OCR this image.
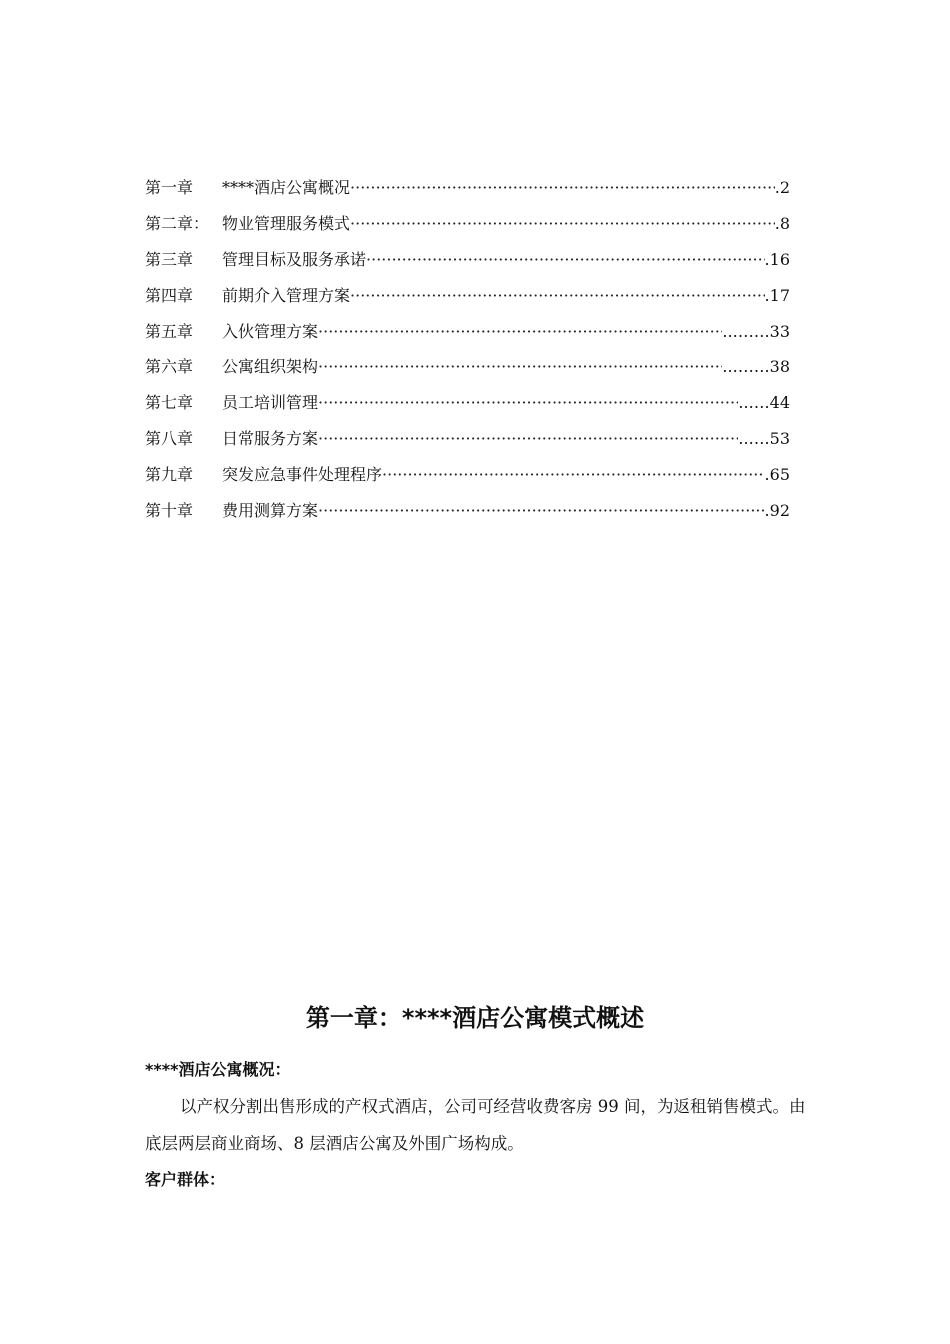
第一章	****酒店公寓概况 ·····	.2
第二章： 物业管理服务模式 ·····	.8
第三章	管理目标及服务承诺 ·····	.16
第四章	前期介入管理方案 ·····	.17
第五章	入伙管理方案 ·····	..…….33
第六章	公寓组织架构 ·····	..…….38
第七章	员工培训管理 ·····	..….44
第八章	日常服务方案 ·····	..….53
第九章	突发应急事件处理程序 ·····	.65
第十章	费用测算方案 ·····	.92
第一章：****酒店公寓模式概述
****酒店公寓概况：
以产权分割出售形成的产权式酒店，公司可经营收费客房 99 间，为返租销售模式。由底层两层商业商场、8 层酒店公寓及外围广场构成。
客户群体：
